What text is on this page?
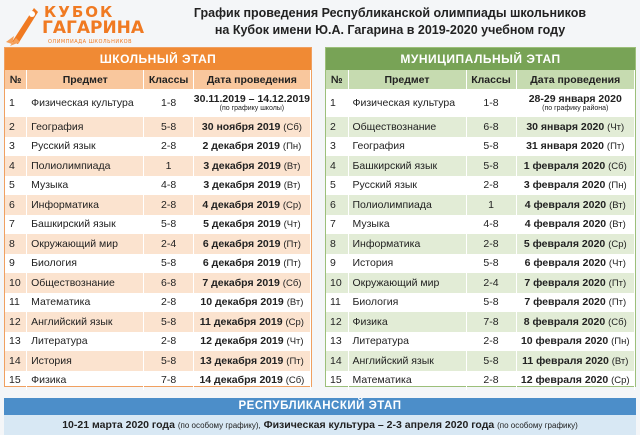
КУБОК
ГАГАРИНА
ОЛИМПИАДА ШКОЛЬНИКОВ
График проведения Республиканской олимпиады школьников
на Кубок имени Ю.А. Гагарина в 2019-2020 учебном году
ШКОЛЬНЫЙ ЭТАП
№	Предмет	Классы	Дата проведения
1	Физическая культура	1-8	30.11.2019 – 14.12.2019
(по графику школы)

2	География	5-8	30 ноября 2019 (Сб)
3	Русский язык	2-8	2 декабря 2019 (Пн)
4	Полиолимпиада	1	3 декабря 2019 (Вт)
5	Музыка	4-8	3 декабря 2019 (Вт)
6	Информатика	2-8	4 декабря 2019 (Ср)
7	Башкирский язык	5-8	5 декабря 2019 (Чт)
8	Окружающий мир	2-4	6 декабря 2019 (Пт)
9	Биология	5-8	6 декабря 2019 (Пт)
10	Обществознание	6-8	7 декабря 2019 (Сб)
11	Математика	2-8	10 декабря 2019 (Вт)
12	Английский язык	5-8	11 декабря 2019 (Ср)
13	Литература	2-8	12 декабря 2019 (Чт)
14	История	5-8	13 декабря 2019 (Пт)
15	Физика	7-8	14 декабря 2019 (Сб)
МУНИЦИПАЛЬНЫЙ ЭТАП
№	Предмет	Классы	Дата проведения
1	Физическая культура	1-8	28-29 января 2020
(по графику района)

2	Обществознание	6-8	30 января 2020 (Чт)
3	География	5-8	31 января 2020 (Пт)
4	Башкирский язык	5-8	1 февраля 2020 (Сб)
5	Русский язык	2-8	3 февраля 2020 (Пн)
6	Полиолимпиада	1	4 февраля 2020 (Вт)
7	Музыка	4-8	4 февраля 2020 (Вт)
8	Информатика	2-8	5 февраля 2020 (Ср)
9	История	5-8	6 февраля 2020 (Чт)
10	Окружающий мир	2-4	7 февраля 2020 (Пт)
11	Биология	5-8	7 февраля 2020 (Пт)
12	Физика	7-8	8 февраля 2020 (Сб)
13	Литература	2-8	10 февраля 2020 (Пн)
14	Английский язык	5-8	11 февраля 2020 (Вт)
15	Математика	2-8	12 февраля 2020 (Ср)
РЕСПУБЛИКАНСКИЙ ЭТАП
10-21 марта 2020 года (по особому графику), Физическая культура – 2-3 апреля 2020 года (по особому графику)
